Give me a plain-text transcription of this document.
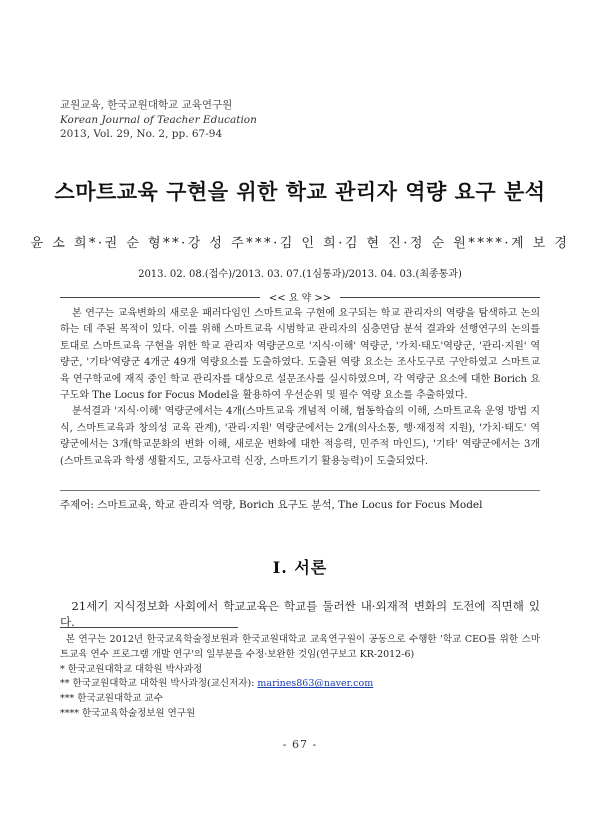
교원교육, 한국교원대학교 교육연구원
Korean Journal of Teacher Education
2013, Vol. 29, No. 2, pp. 67-94
스마트교육 구현을 위한 학교 관리자 역량 요구 분석
윤 소 희*·권 순 형**·강 성 주***·김 인 희·김 현 진·정 순 원****·계 보 경
2013. 02. 08.(접수)/2013. 03. 07.(1심통과)/2013. 04. 03.(최종통과)
<< 요 약 >>

본 연구는 교육변화의 새로운 패러다임인 스마트교육 구현에 요구되는 학교 관리자의 역량을 탐색하고 논의하는 데 주된 목적이 있다. 이를 위해 스마트교육 시범학교 관리자의 심층면담 분석 결과와 선행연구의 논의를 토대로 스마트교육 구현을 위한 학교 관리자 역량군으로 '지식·이해' 역량군, '가치·태도'역량군, '관리·지원' 역량군, '기타'역량군 4개군 49개 역량요소를 도출하였다. 도출된 역량 요소는 조사도구로 구안하였고 스마트교육 연구학교에 재직 중인 학교 관리자를 대상으로 설문조사를 실시하였으며, 각 역량군 요소에 대한 Borich 요구도와 The Locus for Focus Model을 활용하여 우선순위 및 필수 역량 요소를 추출하였다.

분석결과 '지식·이해' 역량군에서는 4개(스마트교육 개념적 이해, 협동학습의 이해, 스마트교육 운영 방법 지식, 스마트교육과 창의성 교육 관계), '관리·지원' 역량군에서는 2개(의사소통, 행·재정적 지원), '가치·태도' 역량군에서는 3개(학교문화의 변화 이해, 새로운 변화에 대한 적응력, 민주적 마인드), '기타' 역량군에서는 3개(스마트교육과 학생 생활지도, 고등사고력 신장, 스마트기기 활용능력)이 도출되었다.

주제어: 스마트교육, 학교 관리자 역량, Borich 요구도 분석, The Locus for Focus Model
Ⅰ. 서론
21세기 지식정보화 사회에서 학교교육은 학교를 둘러싼 내·외재적 변화의 도전에 직면해 있다.

본 연구는 2012년 한국교육학술정보원과 한국교원대학교 교육연구원이 공동으로 수행한 '학교 CEO를 위한 스마트교육 연수 프로그램 개발 연구'의 일부분을 수정·보완한 것임(연구보고 KR-2012-6)

* 한국교원대학교 대학원 박사과정

** 한국교원대학교 대학원 박사과정(교신저자): marines863@naver.com

*** 한국교원대학교 교수

**** 한국교육학술정보원 연구원

- 67 -
